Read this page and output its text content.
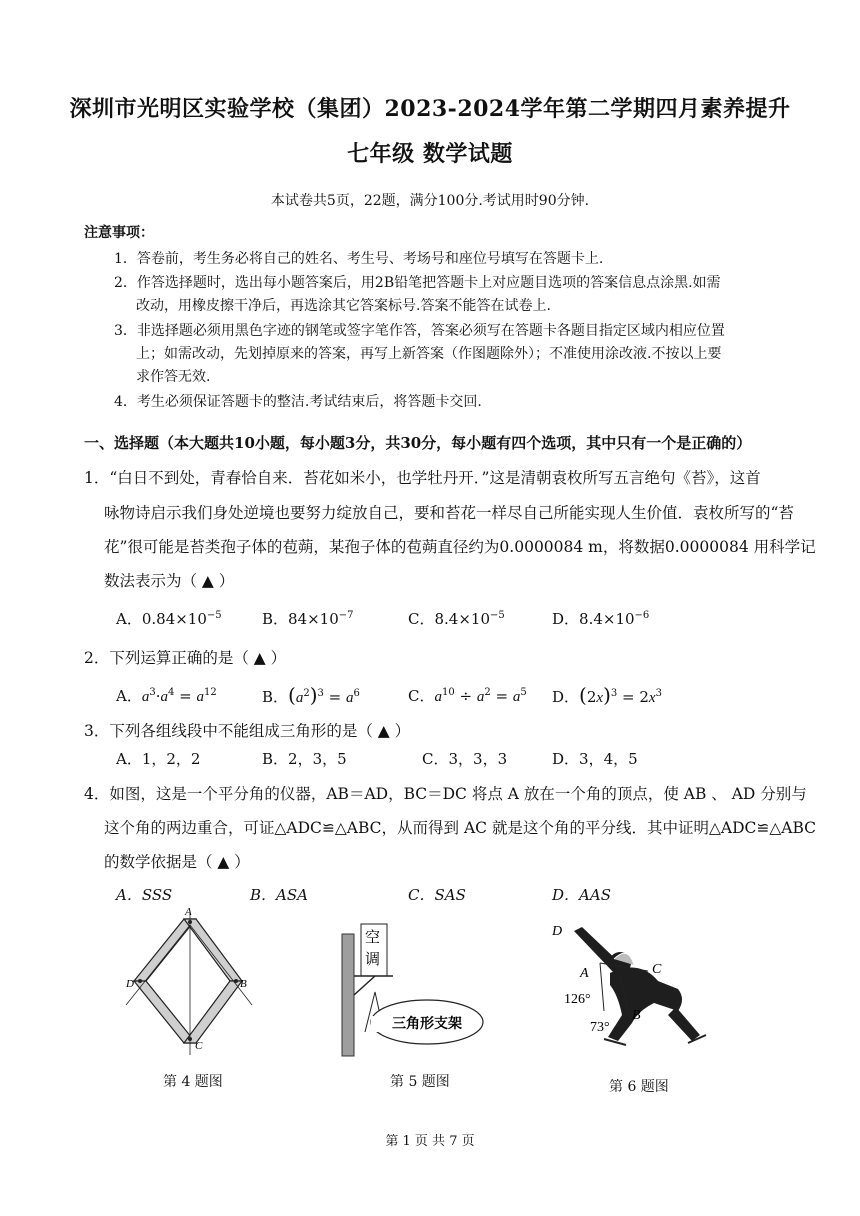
深圳市光明区实验学校（集团）2023-2024学年第二学期四月素养提升
七年级 数学试题
本试卷共5页，22题，满分100分.考试用时90分钟.
注意事项：
1．答卷前，考生务必将自己的姓名、考生号、考场号和座位号填写在答题卡上.
2．作答选择题时，选出每小题答案后，用2B铅笔把答题卡上对应题目选项的答案信息点涂黑.如需
改动，用橡皮擦干净后，再选涂其它答案标号.答案不能答在试卷上.
3．非选择题必须用黑色字迹的钢笔或签字笔作答，答案必须写在答题卡各题目指定区域内相应位置
上；如需改动，先划掉原来的答案，再写上新答案（作图题除外）；不准使用涂改液.不按以上要
求作答无效.
4．考生必须保证答题卡的整洁.考试结束后，将答题卡交回.
一、选择题（本大题共10小题，每小题3分，共30分，每小题有四个选项，其中只有一个是正确的）
1．“白日不到处，青春恰自来．苔花如米小，也学牡丹开．”这是清朝袁枚所写五言绝句《苔》，这首
咏物诗启示我们身处逆境也要努力绽放自己，要和苔花一样尽自己所能实现人生价值．袁枚所写的“苔
花”很可能是苔类孢子体的苞蒴，某孢子体的苞蒴直径约为0.0000084 m，将数据0.0000084 用科学记
数法表示为（ ▲ ）
A．$0.84\times 10^{-5}$	B．$84\times 10^{-7}$	C．$8.4\times 10^{-5}$	D．$8.4\times 10^{-6}$
2．下列运算正确的是（ ▲ ）
A．$a^3\cdot a^4 = a^{12}$	B．$(a^2)^3 = a^6$	C．$a^{10} \div a^2 = a^5$ D．$(2x)^3 = 2x^3$
3．下列各组线段中不能组成三角形的是（ ▲ ）
A．1，2，2	B．2，3，5	C．3，3，3	D．3，4，5
4．如图，这是一个平分角的仪器，AB＝AD，BC＝DC 将点 A 放在一个角的顶点，使 AB 、 AD 分别与
这个角的两边重合，可证△ADC≌△ABC，从而得到 AC 就是这个角的平分线．其中证明△ADC≌△ABC
的数学依据是（ ▲ ）
A．SSS	B．ASA	C．SAS	D．AAS
A
B
C
D
第 4 题图
空
调
三角形支架
第 5 题图
D
A	C
B
126°
73°
第 6 题图
第 1 页 共 7 页
